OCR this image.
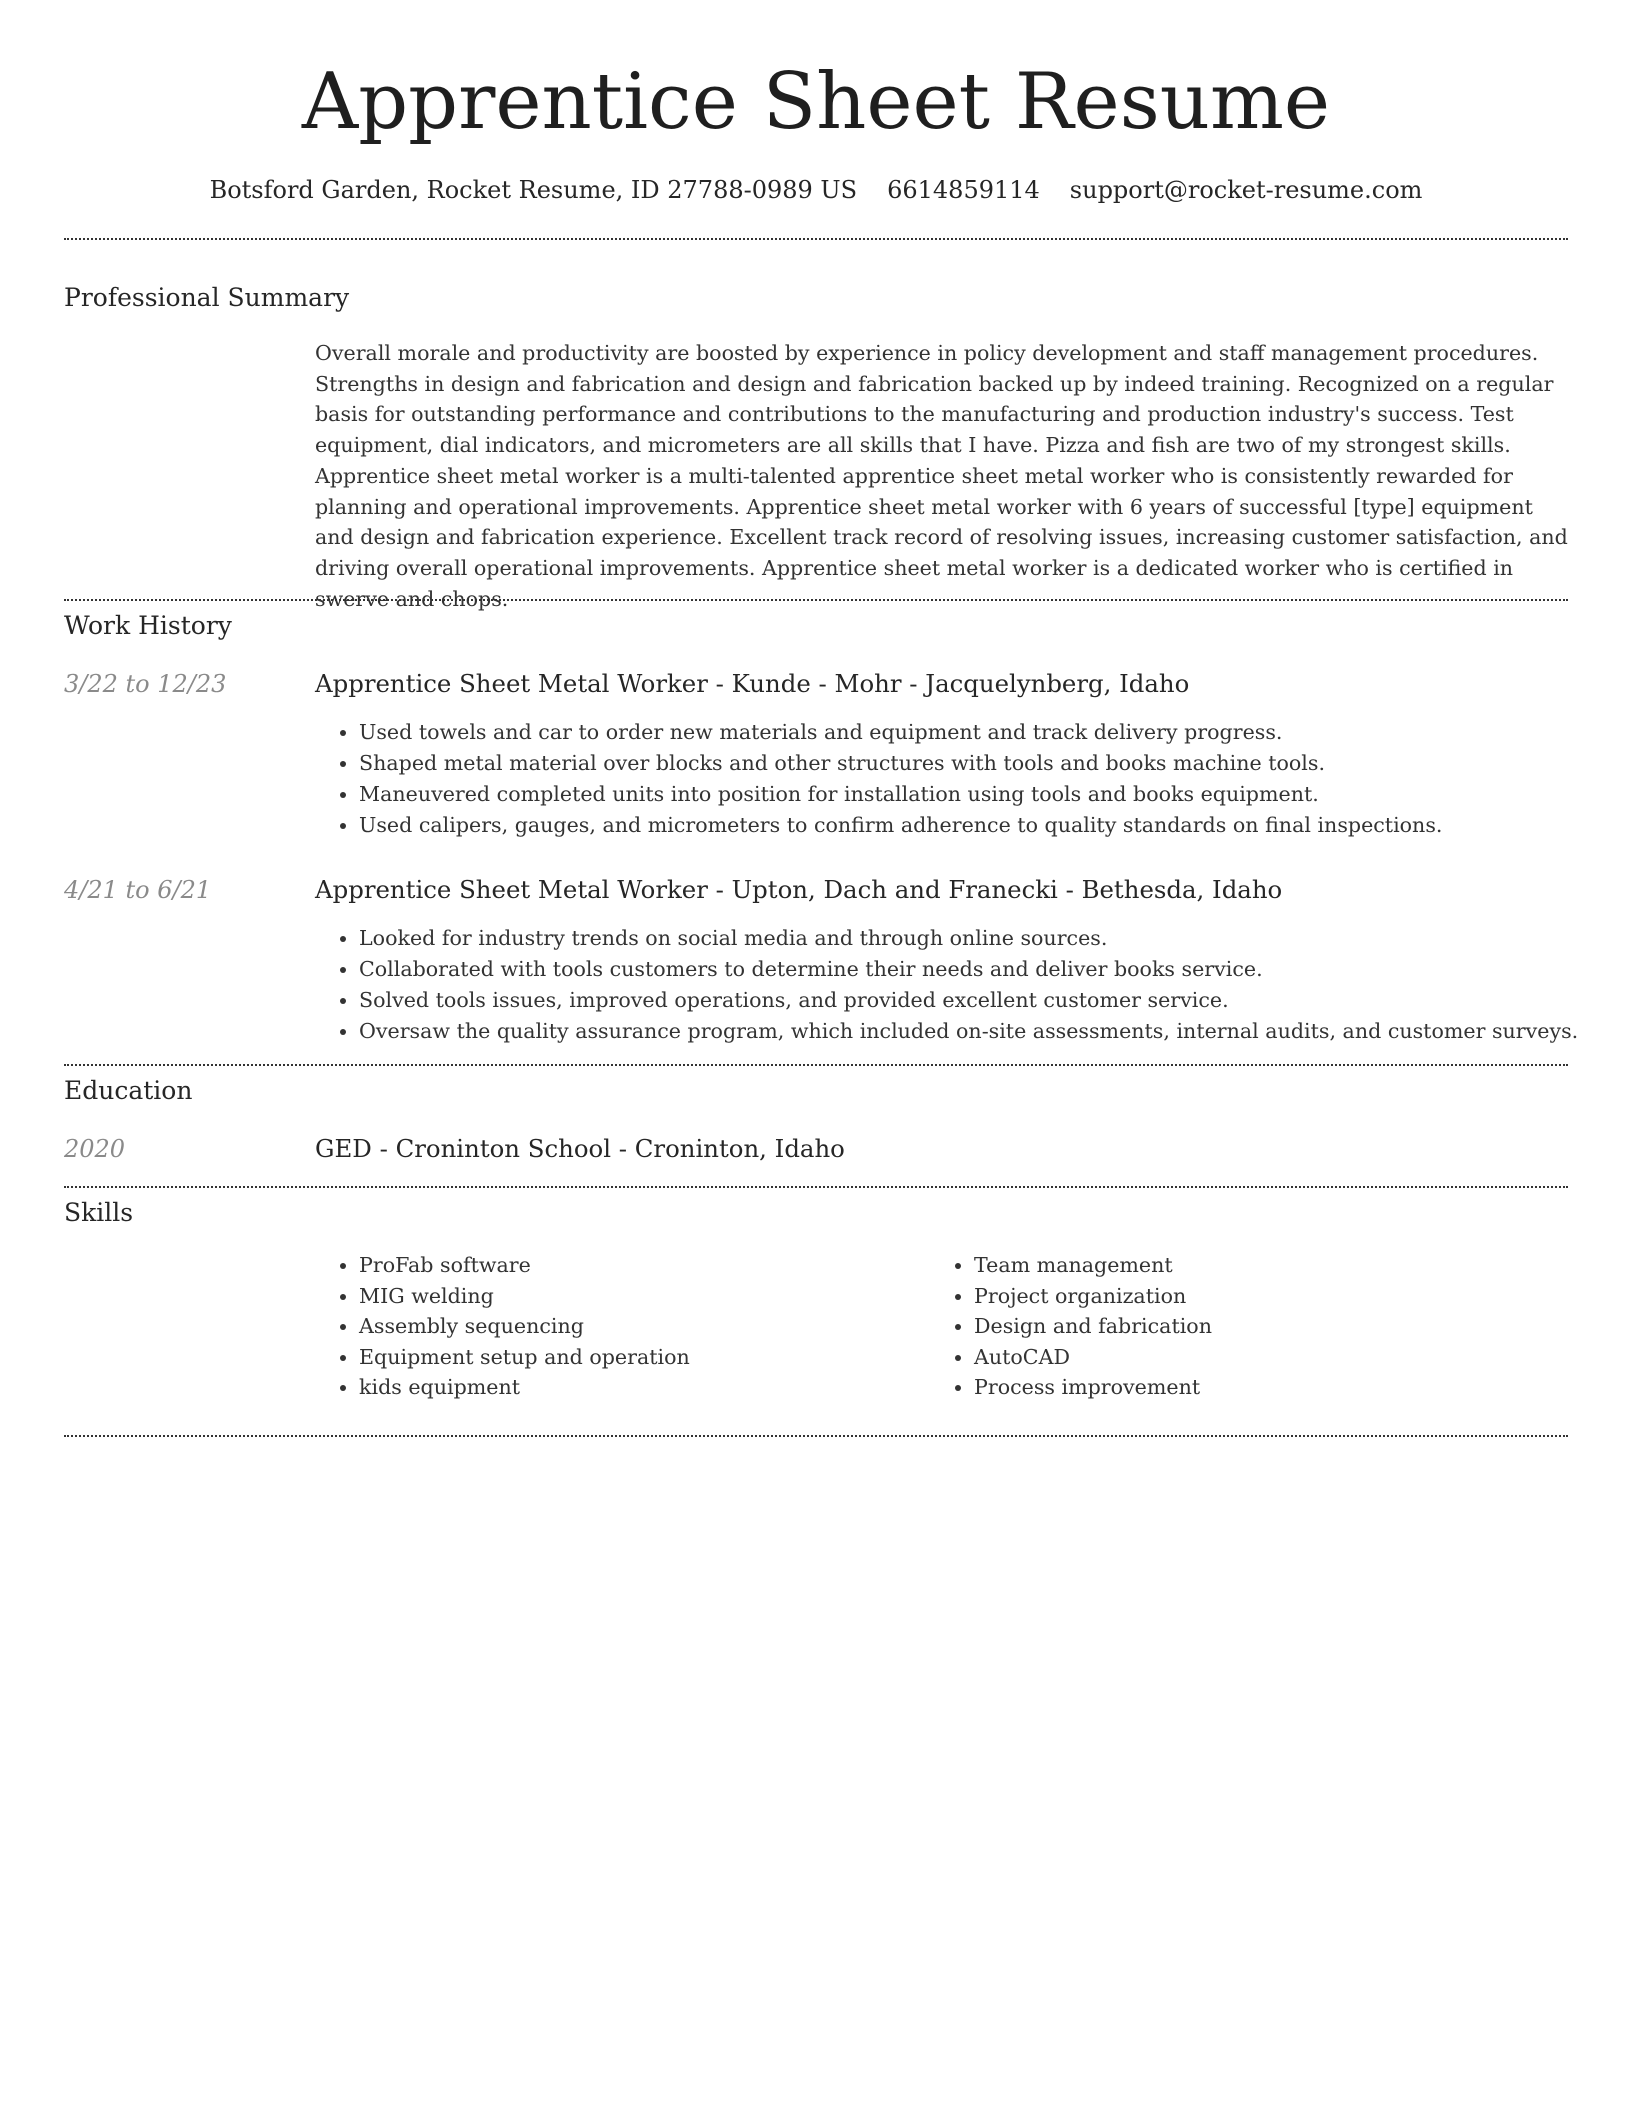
Apprentice Sheet Resume
Botsford Garden, Rocket Resume, ID 27788-0989 US 6614859114 support@rocket-resume.com
Professional Summary
Overall morale and productivity are boosted by experience in policy development and staff management procedures. Strengths in design and fabrication and design and fabrication backed up by indeed training. Recognized on a regular basis for outstanding performance and contributions to the manufacturing and production industry's success. Test equipment, dial indicators, and micrometers are all skills that I have. Pizza and fish are two of my strongest skills. Apprentice sheet metal worker is a multi-talented apprentice sheet metal worker who is consistently rewarded for planning and operational improvements. Apprentice sheet metal worker with 6 years of successful [type] equipment and design and fabrication experience. Excellent track record of resolving issues, increasing customer satisfaction, and driving overall operational improvements. Apprentice sheet metal worker is a dedicated worker who is certified in swerve and chops.
Work History
3/22 to 12/23	Apprentice Sheet Metal Worker - Kunde - Mohr - Jacquelynberg, Idaho
• Used towels and car to order new materials and equipment and track delivery progress.
• Shaped metal material over blocks and other structures with tools and books machine tools.
• Maneuvered completed units into position for installation using tools and books equipment.
• Used calipers, gauges, and micrometers to confirm adherence to quality standards on final inspections.
4/21 to 6/21	Apprentice Sheet Metal Worker - Upton, Dach and Franecki - Bethesda, Idaho
• Looked for industry trends on social media and through online sources.
• Collaborated with tools customers to determine their needs and deliver books service.
• Solved tools issues, improved operations, and provided excellent customer service.
• Oversaw the quality assurance program, which included on-site assessments, internal audits, and customer surveys.
Education
2020	GED - Croninton School - Croninton, Idaho
Skills
• ProFab software
• MIG welding
• Assembly sequencing
• Equipment setup and operation
• kids equipment
• Team management
• Project organization
• Design and fabrication
• AutoCAD
• Process improvement
